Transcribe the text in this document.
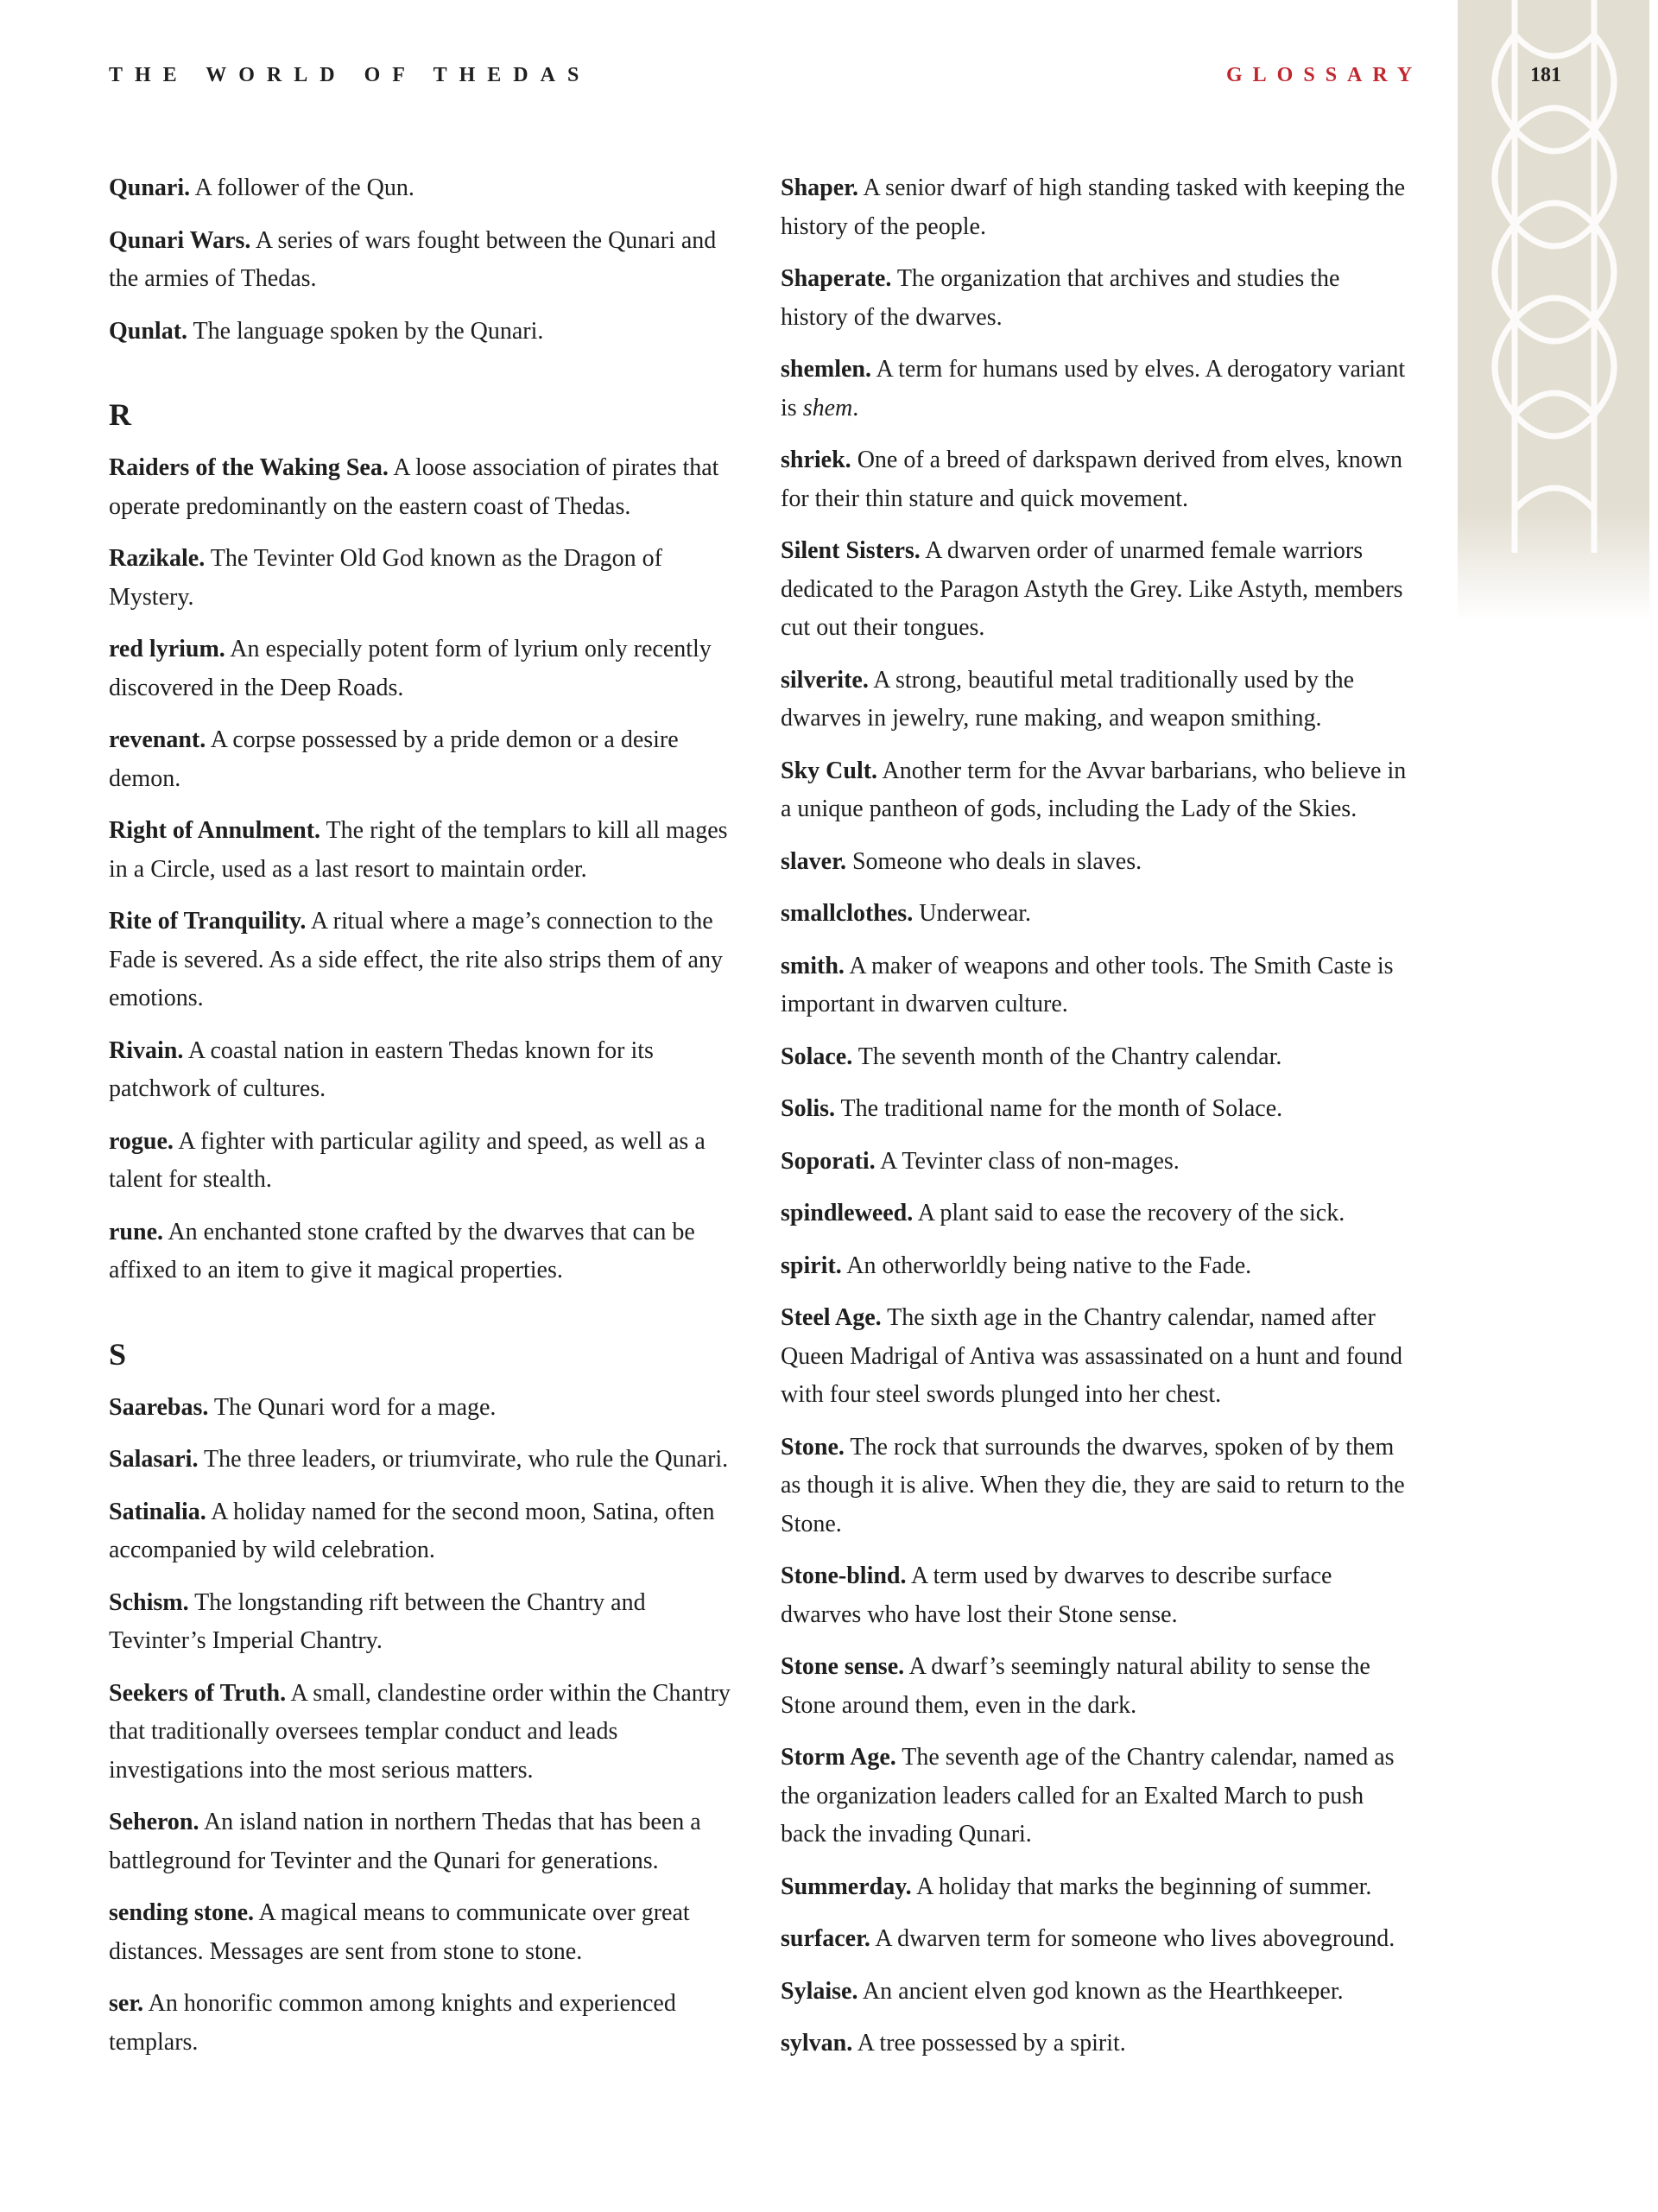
THE WORLD OF THEDAS	GLOSSARY	181

Qunari. A follower of the Qun.

Qunari Wars. A series of wars fought between the Qunari and the armies of Thedas.

Qunlat. The language spoken by the Qunari.

R

Raiders of the Waking Sea. A loose association of pirates that operate predominantly on the eastern coast of Thedas.

Razikale. The Tevinter Old God known as the Dragon of Mystery.

red lyrium. An especially potent form of lyrium only recently discovered in the Deep Roads.

revenant. A corpse possessed by a pride demon or a desire demon.

Right of Annulment. The right of the templars to kill all mages in a Circle, used as a last resort to maintain order.

Rite of Tranquility. A ritual where a mage’s connection to the Fade is severed. As a side effect, the rite also strips them of any emotions.

Rivain. A coastal nation in eastern Thedas known for its patchwork of cultures.

rogue. A fighter with particular agility and speed, as well as a talent for stealth.

rune. An enchanted stone crafted by the dwarves that can be affixed to an item to give it magical properties.

S

Saarebas. The Qunari word for a mage.

Salasari. The three leaders, or triumvirate, who rule the Qunari.

Satinalia. A holiday named for the second moon, Satina, often accompanied by wild celebration.

Schism. The longstanding rift between the Chantry and Tevinter’s Imperial Chantry.

Seekers of Truth. A small, clandestine order within the Chantry that traditionally oversees templar conduct and leads investigations into the most serious matters.

Seheron. An island nation in northern Thedas that has been a battleground for Tevinter and the Qunari for generations.

sending stone. A magical means to communicate over great distances. Messages are sent from stone to stone.

ser. An honorific common among knights and experienced templars.

Shaper. A senior dwarf of high standing tasked with keeping the history of the people.

Shaperate. The organization that archives and studies the history of the dwarves.

shemlen. A term for humans used by elves. A derogatory variant is shem.

shriek. One of a breed of darkspawn derived from elves, known for their thin stature and quick movement.

Silent Sisters. A dwarven order of unarmed female warriors dedicated to the Paragon Astyth the Grey. Like Astyth, members cut out their tongues.

silverite. A strong, beautiful metal traditionally used by the dwarves in jewelry, rune making, and weapon smithing.

Sky Cult. Another term for the Avvar barbarians, who believe in a unique pantheon of gods, including the Lady of the Skies.

slaver. Someone who deals in slaves.

smallclothes. Underwear.

smith. A maker of weapons and other tools. The Smith Caste is important in dwarven culture.

Solace. The seventh month of the Chantry calendar.

Solis. The traditional name for the month of Solace.

Soporati. A Tevinter class of non-mages.

spindleweed. A plant said to ease the recovery of the sick.

spirit. An otherworldly being native to the Fade.

Steel Age. The sixth age in the Chantry calendar, named after Queen Madrigal of Antiva was assassinated on a hunt and found with four steel swords plunged into her chest.

Stone. The rock that surrounds the dwarves, spoken of by them as though it is alive. When they die, they are said to return to the Stone.

Stone-blind. A term used by dwarves to describe surface dwarves who have lost their Stone sense.

Stone sense. A dwarf’s seemingly natural ability to sense the Stone around them, even in the dark.

Storm Age. The seventh age of the Chantry calendar, named as the organization leaders called for an Exalted March to push back the invading Qunari.

Summerday. A holiday that marks the beginning of summer.

surfacer. A dwarven term for someone who lives aboveground.

Sylaise. An ancient elven god known as the Hearthkeeper.

sylvan. A tree possessed by a spirit.
